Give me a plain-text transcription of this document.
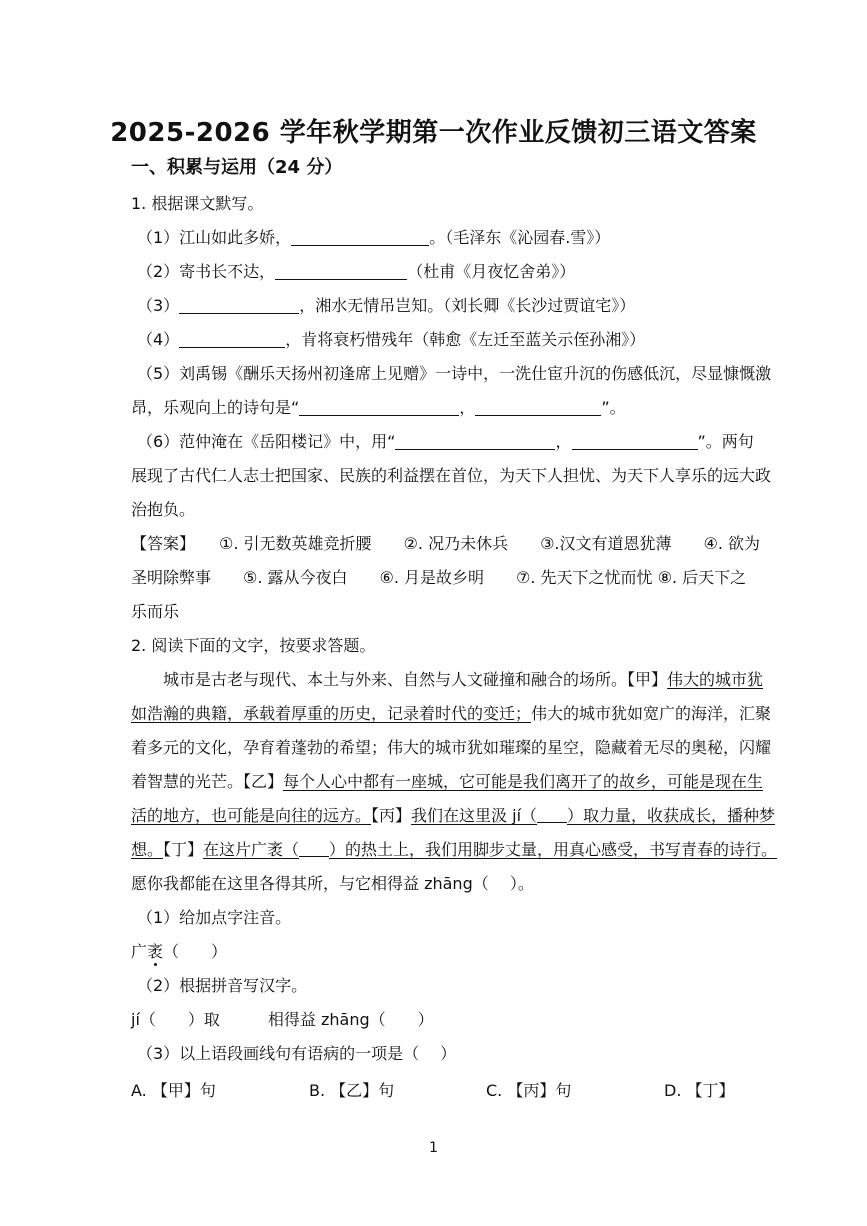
2025-2026 学年秋学期第一次作业反馈初三语文答案
一、积累与运用（24 分）
1. 根据课文默写。
（1）江山如此多娇，	。（毛泽东《沁园春.雪》）
（2）寄书长不达，	（杜甫《月夜忆舍弟》）
（3）	，湘水无情吊岂知。（刘长卿《长沙过贾谊宅》）
（4）	，肯将衰朽惜残年（韩愈《左迁至蓝关示侄孙湘》）
（5）刘禹锡《酬乐天扬州初逢席上见赠》一诗中，一洗仕宦升沉的伤感低沉，尽显慷慨激
昂，乐观向上的诗句是“	，	”。
（6）范仲淹在《岳阳楼记》中，用“	，	”。两句
展现了古代仁人志士把国家、民族的利益摆在首位，为天下人担忧、为天下人享乐的远大政
治抱负。
【答案】　　 ①. 引无数英雄竞折腰　　②. 况乃未休兵　　③.汉文有道恩犹薄　　④. 欲为
圣明除弊事　　⑤. 露从今夜白　　⑥. 月是故乡明　　⑦. 先天下之忧而忧 ⑧. 后天下之
乐而乐
2. 阅读下面的文字，按要求答题。
城市是古老与现代、本土与外来、自然与人文碰撞和融合的场所。【甲】伟大的城市犹
如浩瀚的典籍，承载着厚重的历史，记录着时代的变迁；伟大的城市犹如宽广的海洋，汇聚
着多元的文化，孕育着蓬勃的希望；伟大的城市犹如璀璨的星空，隐藏着无尽的奥秘，闪耀
着智慧的光芒。【乙】每个人心中都有一座城，它可能是我们离开了的故乡，可能是现在生
活的地方，也可能是向往的远方。【丙】我们在这里汲 jí（ ）取力量，收获成长，播种梦
想。【丁】在这片广袤（ ）的热土上，我们用脚步丈量，用真心感受，书写青春的诗行。
愿你我都能在这里各得其所，与它相得益 zhāng（　 ）。
（1）给加点字注音。
广袤（　　）
（2）根据拼音写汉字。
jí（　　）取　　　相得益 zhāng（　　）
（3）以上语段画线句有语病的一项是（　 ）
A. 【甲】句	B. 【乙】句	C. 【丙】句	D. 【丁】
1
